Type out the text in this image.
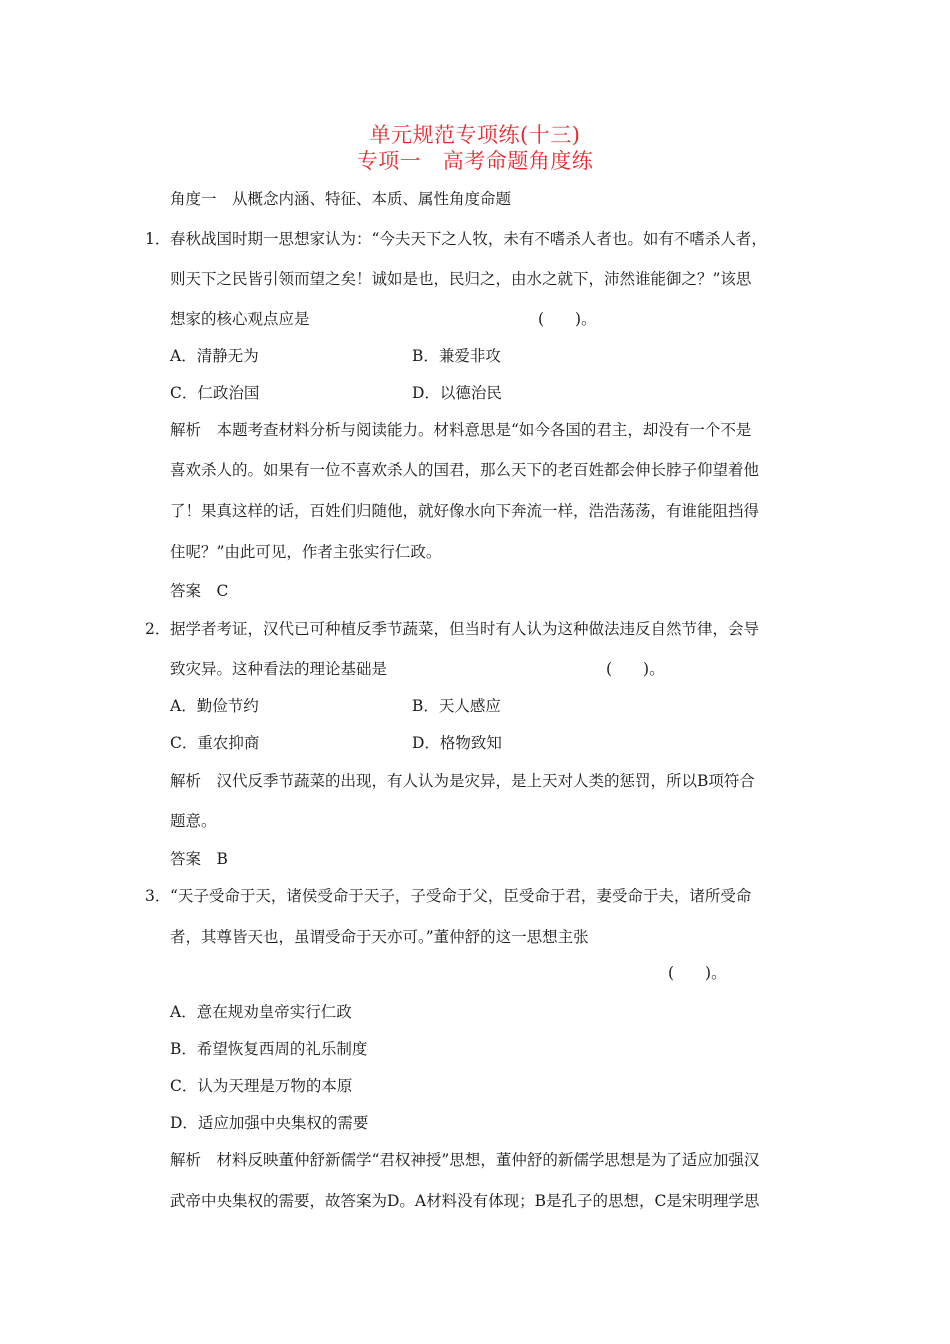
单元规范专项练(十三)
专项一　高考命题角度练
角度一　从概念内涵、特征、本质、属性角度命题
1． 春秋战国时期一思想家认为：“今夫天下之人牧，未有不嗜杀人者也。如有不嗜杀人者，
则天下之民皆引领而望之矣！诚如是也，民归之，由水之就下，沛然谁能御之？”该思
想家的核心观点应是	(　　)。
A．清静无为	B．兼爱非攻
C．仁政治国	D．以德治民
解析　本题考查材料分析与阅读能力。材料意思是“如今各国的君主，却没有一个不是
喜欢杀人的。如果有一位不喜欢杀人的国君，那么天下的老百姓都会伸长脖子仰望着他
了！果真这样的话，百姓们归随他，就好像水向下奔流一样，浩浩荡荡，有谁能阻挡得
住呢？”由此可见，作者主张实行仁政。
答案　C
2． 据学者考证，汉代已可种植反季节蔬菜，但当时有人认为这种做法违反自然节律，会导
致灾异。这种看法的理论基础是	(　　)。
A．勤俭节约	B．天人感应
C．重农抑商	D．格物致知
解析　汉代反季节蔬菜的出现，有人认为是灾异，是上天对人类的惩罚，所以B项符合
题意。
答案　B
3． “天子受命于天，诸侯受命于天子，子受命于父，臣受命于君，妻受命于夫，诸所受命
者，其尊皆天也，虽谓受命于天亦可。”董仲舒的这一思想主张
(　　)。
A．意在规劝皇帝实行仁政
B．希望恢复西周的礼乐制度
C．认为天理是万物的本原
D．适应加强中央集权的需要
解析　材料反映董仲舒新儒学“君权神授”思想，董仲舒的新儒学思想是为了适应加强汉
武帝中央集权的需要，故答案为D。A材料没有体现；B是孔子的思想，C是宋明理学思
